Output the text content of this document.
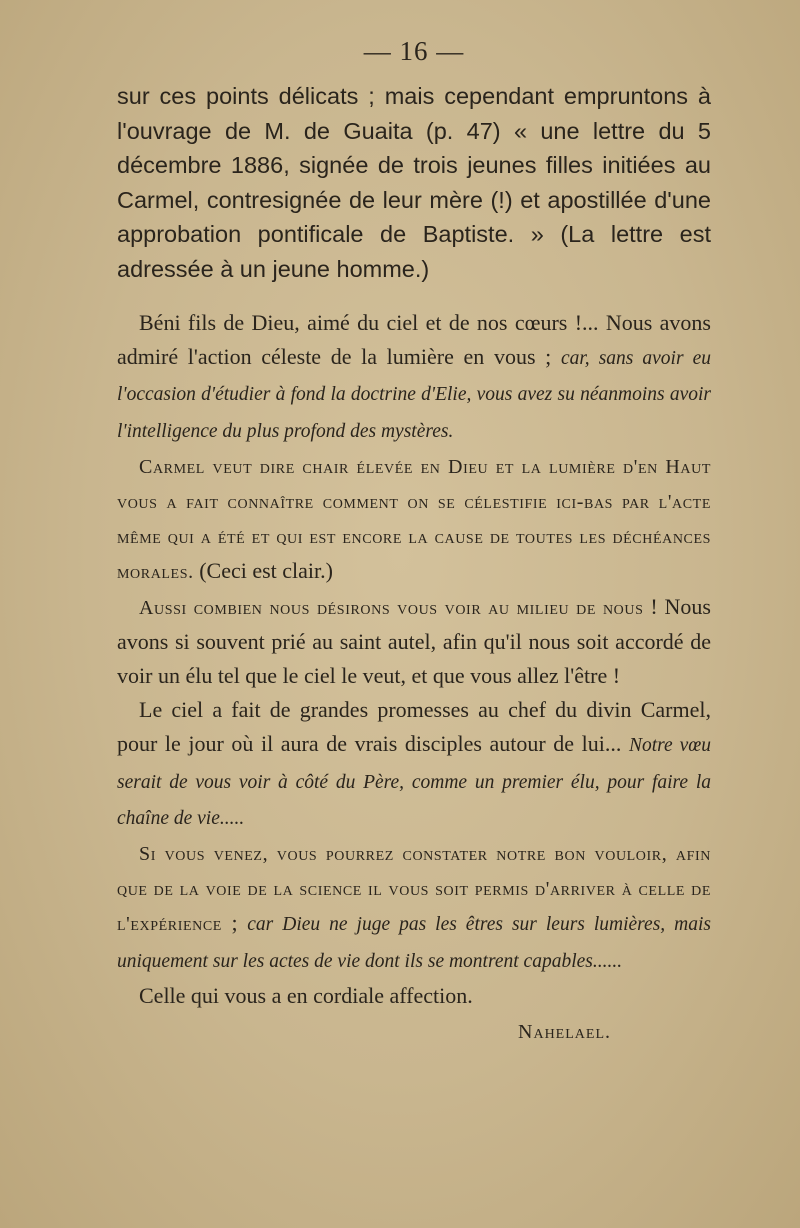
— 16 —

sur ces points délicats ; mais cependant empruntons à l'ouvrage de M. de Guaita (p. 47) « une lettre du 5 décembre 1886, signée de trois jeunes filles initiées au Carmel, contresignée de leur mère (!) et apostillée d'une approbation pontificale de Baptiste. » (La lettre est adressée à un jeune homme.)

Béni fils de Dieu, aimé du ciel et de nos cœurs !... Nous avons admiré l'action céleste de la lumière en vous ; car, sans avoir eu l'occasion d'étudier à fond la doctrine d'Elie, vous avez su néanmoins avoir l'intelligence du plus profond des mystères.

Carmel veut dire chair élevée en Dieu et la lumière d'en Haut vous a fait connaître comment on se célestifie ici-bas par l'acte même qui a été et qui est encore la cause de toutes les déchéances morales. (Ceci est clair.)

Aussi combien nous désirons vous voir au milieu de nous ! Nous avons si souvent prié au saint autel, afin qu'il nous soit accordé de voir un élu tel que le ciel le veut, et que vous allez l'être !

Le ciel a fait de grandes promesses au chef du divin Carmel, pour le jour où il aura de vrais disciples autour de lui... Notre vœu serait de vous voir à côté du Père, comme un premier élu, pour faire la chaîne de vie.....

Si vous venez, vous pourrez constater notre bon vouloir, afin que de la voie de la science il vous soit permis d'arriver à celle de l'expérience ; car Dieu ne juge pas les êtres sur leurs lumières, mais uniquement sur les actes de vie dont ils se montrent capables......

Celle qui vous a en cordiale affection.

Nahelael.
